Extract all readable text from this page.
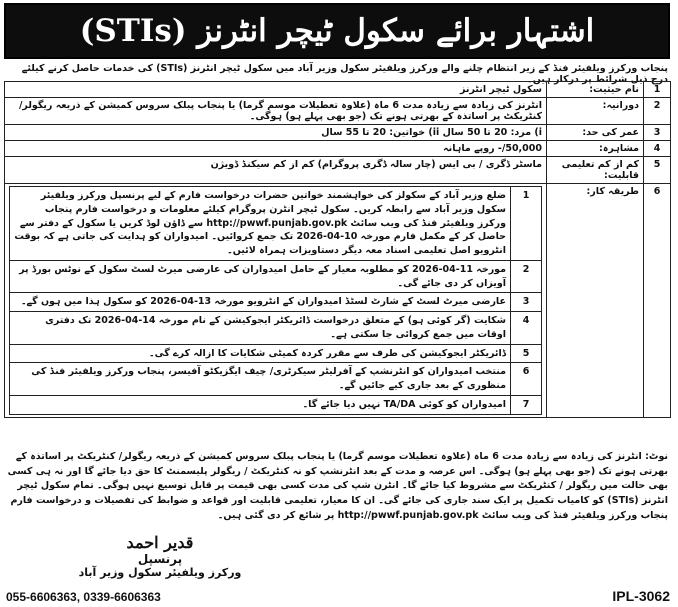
اشتہار برائے سکول ٹیچر انٹرنز (STIs)
پنجاب ورکرز ویلفیئر فنڈ کے زیر انتظام چلنے والے ورکرز ویلفیئر سکول وزیر آباد میں سکول ٹیچر انٹرنز (STIs) کی خدمات حاصل کرنے کیلئے درج ذیل شرائط پر درکار ہیں۔
1	نام حیثیت:	سکول ٹیچر انٹرنز
2	دورانیہ:	انٹرنز کی زیادہ سے زیادہ مدت 6 ماہ (علاوہ تعطیلات موسم گرما) یا پنجاب پبلک سروس کمیشن کے ذریعہ ریگولر/ کنٹریکٹ پر اساتذہ کے بھرتی ہونے تک (جو بھی پہلے ہو) ہوگی۔
3	عمر کی حد:	i) مرد: 20 تا 50 سال ii) خواتین: 20 تا 55 سال
4	مشاہرہ:	50,000/- روپے ماہانہ
5	کم از کم تعلیمی قابلیت:	ماسٹر ڈگری / بی ایس (چار سالہ ڈگری پروگرام) کم از کم سیکنڈ ڈویژن
6	طریقہ کار:	
1	ضلع وزیر آباد کے سکولز کی خواہشمند خواتین حضرات درخواست فارم کے لیے پرنسپل ورکرز ویلفیئر سکول وزیر آباد سے رابطہ کریں۔ سکول ٹیچر انٹرن پروگرام کیلئے معلومات و درخواست فارم پنجاب ورکرز ویلفیئر فنڈ کی ویب سائٹ http://pwwf.punjab.gov.pk سے ڈاؤن لوڈ کریں یا سکول کے دفتر سے حاصل کر کے مکمل فارم مورخہ 10-04-2026 تک جمع کروائیں۔ امیدواران کو ہدایت کی جاتی ہے کہ بوقت انٹرویو اصل تعلیمی اسناد معہ دیگر دستاویزات ہمراہ لائیں۔
2	مورخہ 11-04-2026 کو مطلوبہ معیار کے حامل امیدواران کی عارضی میرٹ لسٹ سکول کے نوٹس بورڈ پر آویزاں کر دی جائے گی۔
3	عارضی میرٹ لسٹ کے شارٹ لسٹڈ امیدواران کے انٹرویو مورخہ 13-04-2026 کو سکول ہذا میں ہوں گے۔
4	شکایت (گر کوئی ہو) کے متعلق درخواست ڈائریکٹر ایجوکیشن کے نام مورخہ 14-04-2026 تک دفتری اوقات میں جمع کروائی جا سکتی ہے۔
5	ڈائریکٹر ایجوکیشن کی طرف سے مقرر کردہ کمیٹی شکایات کا ازالہ کرے گی۔
6	منتخب امیدواران کو انٹرنشپ کے آفرلیٹر سیکرٹری/ چیف ایگزیکٹو آفیسر، پنجاب ورکرز ویلفیئر فنڈ کی منظوری کے بعد جاری کیے جائیں گے۔
7	امیدواران کو کوئی TA/DA نہیں دیا جائے گا۔
نوٹ: انٹرنز کی زیادہ سے زیادہ مدت 6 ماہ (علاوہ تعطیلات موسم گرما) یا پنجاب پبلک سروس کمیشن کے ذریعہ ریگولر/ کنٹریکٹ پر اساتذہ کے بھرتی ہونے تک (جو بھی پہلے ہو) ہوگی۔ اس عرصہ و مدت کے بعد انٹرنشپ کو نہ کنٹریکٹ / ریگولر پلیسمنٹ کا حق دیا جائے گا اور نہ ہی کسی بھی حالت میں ریگولر / کنٹریکٹ سے مشروط کیا جائے گا۔ انٹرن شپ کی مدت کسی بھی قیمت پر قابل توسیع نہیں ہوگی۔ تمام سکول ٹیچر انٹرنز (STIs) کو کامیاب تکمیل پر ایک سند جاری کی جائے گی۔ ان کا معیار، تعلیمی قابلیت اور قواعد و ضوابط کی تفصیلات و درخواست فارم پنجاب ورکرز ویلفیئر فنڈ کی ویب سائٹ http://pwwf.punjab.gov.pk پر شائع کر دی گئی ہیں۔
قدیر احمد
پرنسپل
ورکرز ویلفیئر سکول وزیر آباد
055-6606363, 0339-6606363	IPL-3062
